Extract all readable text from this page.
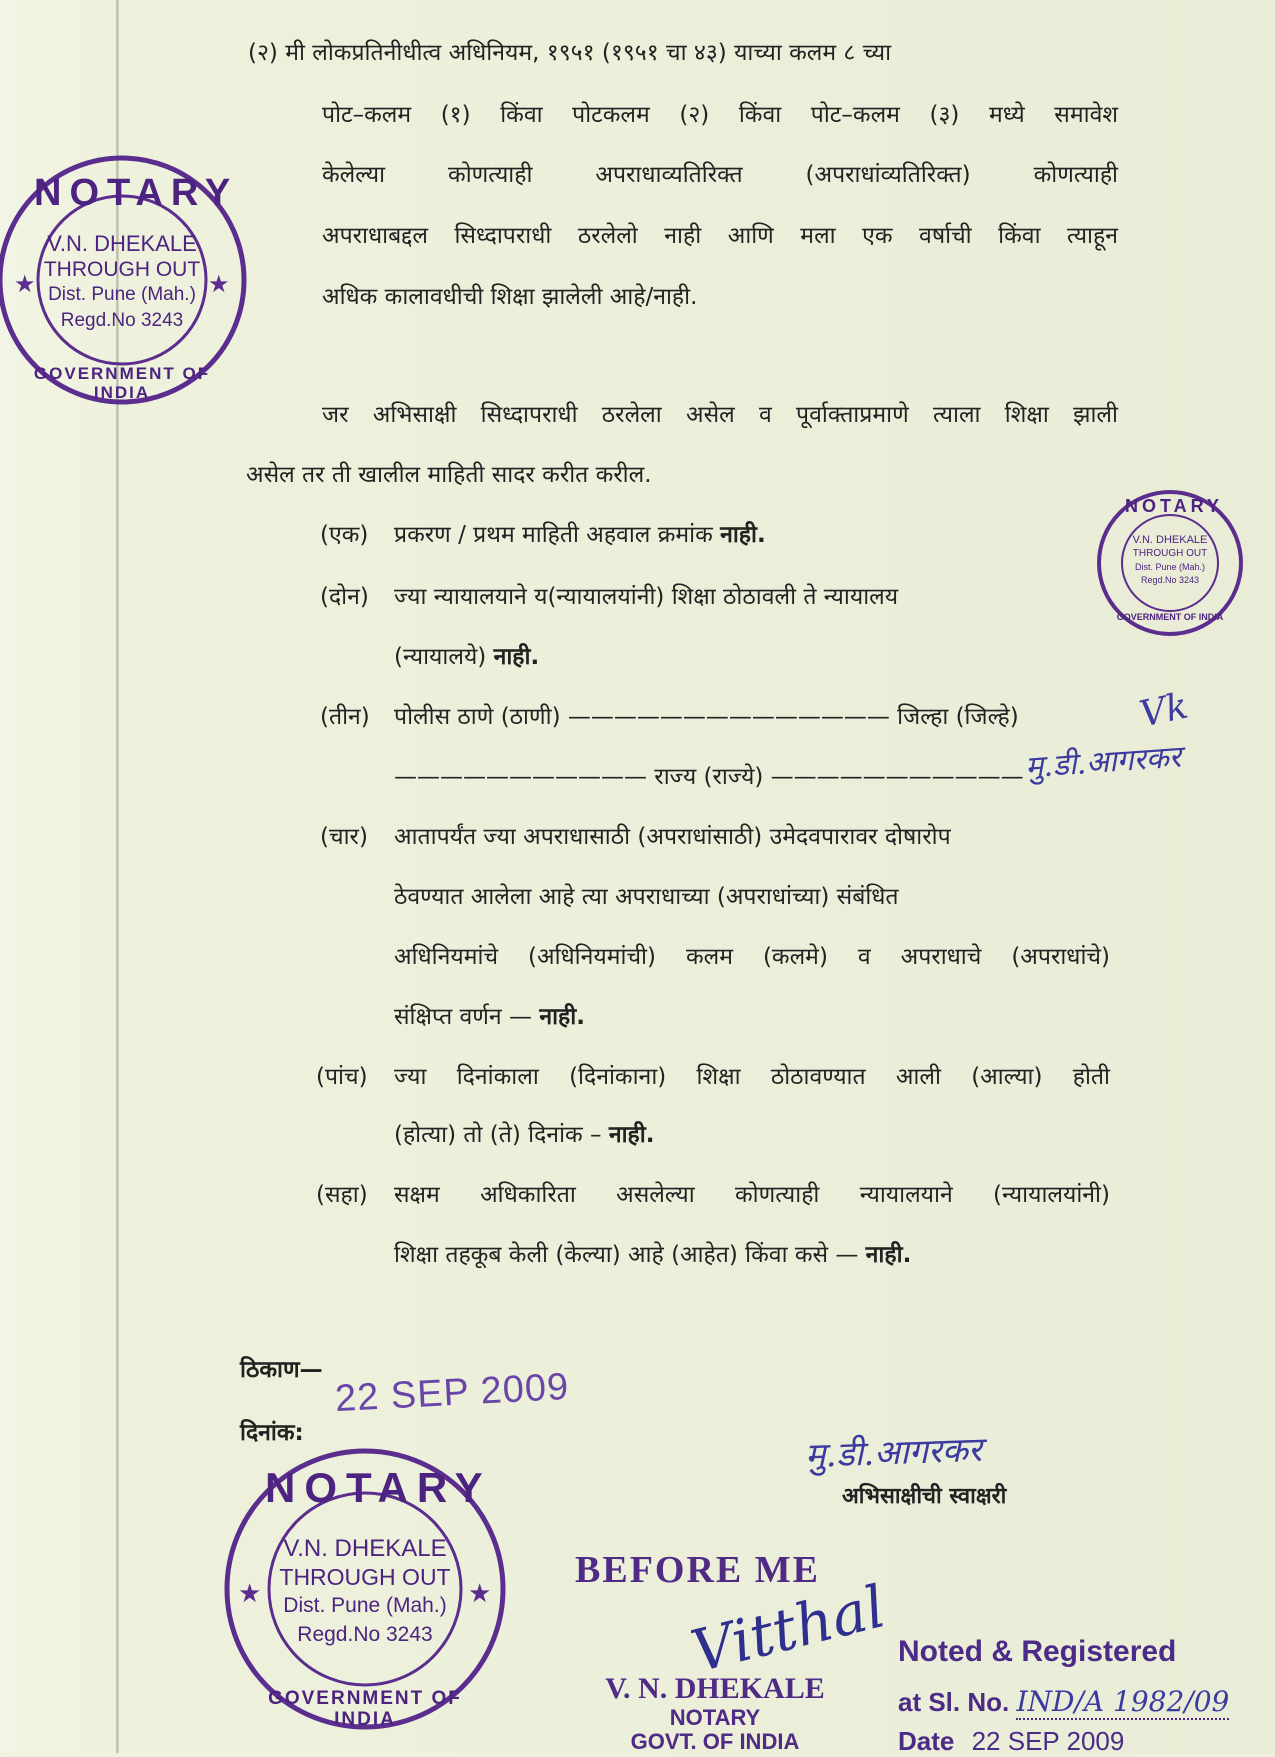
(२) मी लोकप्रतिनीधीत्व अधिनियम, १९५१ (१९५१ चा ४३) याच्या कलम ८ च्या
पोट–कलम (१) किंवा पोटकलम (२) किंवा पोट–कलम (३) मध्ये समावेश
केलेल्या कोणत्याही अपराधाव्यतिरिक्त (अपराधांव्यतिरिक्त) कोणत्याही
अपराधाबद्दल सिध्दापराधी ठरलेलो नाही आणि मला एक वर्षाची किंवा त्याहून
अधिक कालावधीची शिक्षा झालेली आहे/नाही.
जर अभिसाक्षी सिध्दापराधी ठरलेला असेल व पूर्वाक्ताप्रमाणे त्याला शिक्षा झाली
असेल तर ती खालील माहिती सादर करीत करील.
(एक) प्रकरण / प्रथम माहिती अहवाल क्रमांक नाही.
(दोन) ज्या न्यायालयाने य(न्यायालयांनी) शिक्षा ठोठावली ते न्यायालय
(न्यायालये) नाही.
(तीन) पोलीस ठाणे (ठाणी) —————————————— जिल्हा (जिल्हे)
——————————— राज्य (राज्ये) ———————————
(चार) आतापर्यंत ज्या अपराधासाठी (अपराधांसाठी) उमेदवपारावर दोषारोप
ठेवण्यात आलेला आहे त्या अपराधाच्या (अपराधांच्या) संबंधित
अधिनियमांचे (अधिनियमांची) कलम (कलमे) व अपराधाचे (अपराधांचे)
संक्षिप्त वर्णन — नाही.
(पांच) ज्या दिनांकाला (दिनांकाना) शिक्षा ठोठावण्यात आली (आल्या) होती
(होत्या) तो (ते) दिनांक – नाही.
(सहा) सक्षम अधिकारिता असलेल्या कोणत्याही न्यायालयाने (न्यायालयांनी)
शिक्षा तहकूब केली (केल्या) आहे (आहेत) किंवा कसे — नाही.
ठिकाण—
दिनांक:
22 SEP 2009
Vk
मु.डी.आगरकर
मु.डी.आगरकर
अभिसाक्षीची स्वाक्षरी
★	★
NOTARY
V.N. DHEKALE
THROUGH OUT
Dist. Pune (Mah.)
Regd.No 3243
GOVERNMENT OF INDIA
NOTARY
V.N. DHEKALE
THROUGH OUT
Dist. Pune (Mah.)
Regd.No 3243
GOVERNMENT OF INDIA
★	★
NOTARY
V.N. DHEKALE
THROUGH OUT
Dist. Pune (Mah.)
Regd.No 3243
GOVERNMENT OF INDIA
BEFORE ME
Vitthal
V. N. DHEKALE
NOTARY
GOVT. OF INDIA
Noted & Registered
at Sl. No. IND/A 1982/09
Date 22 SEP 2009
